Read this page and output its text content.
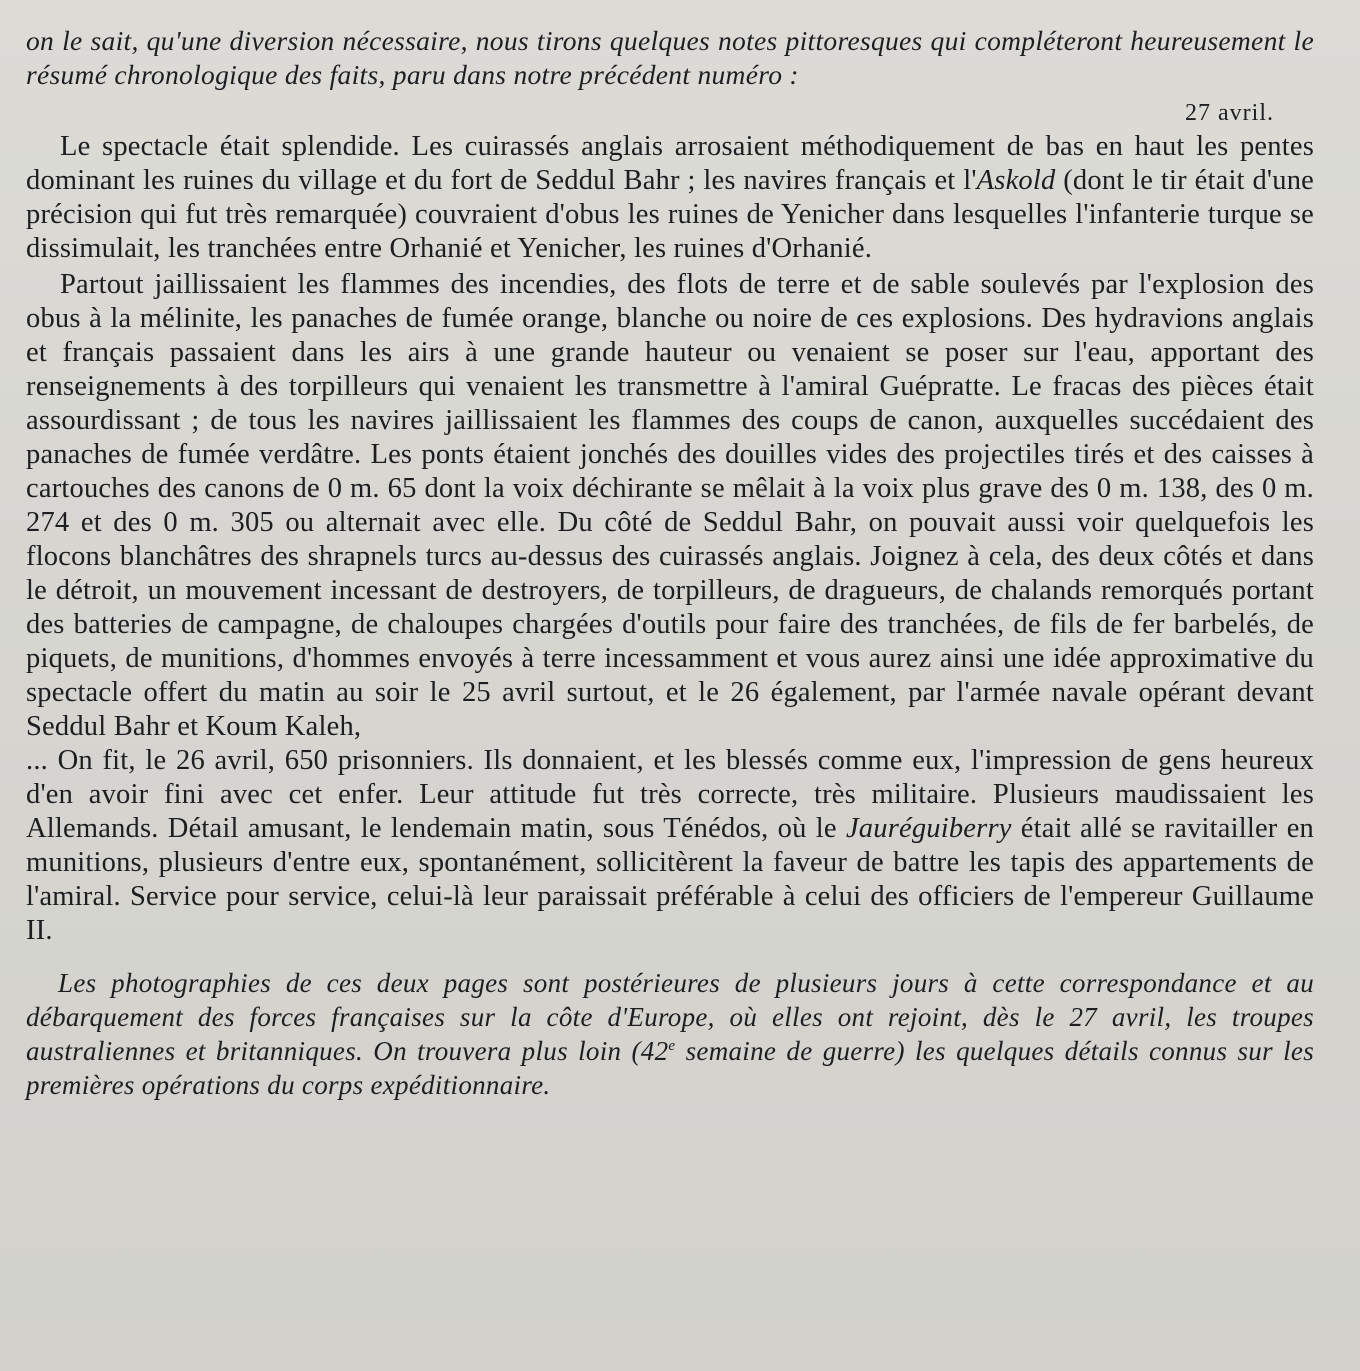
on le sait, qu'une diversion nécessaire, nous tirons quelques notes pittoresques qui compléteront heureusement le résumé chronologique des faits, paru dans notre précédent numéro :

27 avril.

Le spectacle était splendide. Les cuirassés anglais arrosaient méthodiquement de bas en haut les pentes dominant les ruines du village et du fort de Seddul Bahr ; les navires français et l'Askold (dont le tir était d'une précision qui fut très remarquée) couvraient d'obus les ruines de Yenicher dans lesquelles l'infanterie turque se dissimulait, les tranchées entre Orhanié et Yenicher, les ruines d'Orhanié.

Partout jaillissaient les flammes des incendies, des flots de terre et de sable soulevés par l'explosion des obus à la mélinite, les panaches de fumée orange, blanche ou noire de ces explosions. Des hydravions anglais et français passaient dans les airs à une grande hauteur ou venaient se poser sur l'eau, apportant des renseignements à des torpilleurs qui venaient les transmettre à l'amiral Guépratte. Le fracas des pièces était assourdissant ; de tous les navires jaillissaient les flammes des coups de canon, auxquelles succédaient des panaches de fumée verdâtre. Les ponts étaient jonchés des douilles vides des projectiles tirés et des caisses à cartouches des canons de 0 m. 65 dont la voix déchirante se mêlait à la voix plus grave des 0 m. 138, des 0 m. 274 et des 0 m. 305 ou alternait avec elle. Du côté de Seddul Bahr, on pouvait aussi voir quelquefois les flocons blanchâtres des shrapnels turcs au-dessus des cuirassés anglais. Joignez à cela, des deux côtés et dans le détroit, un mouvement incessant de destroyers, de torpilleurs, de dragueurs, de chalands remorqués portant des batteries de campagne, de chaloupes chargées d'outils pour faire des tranchées, de fils de fer barbelés, de piquets, de munitions, d'hommes envoyés à terre incessamment et vous aurez ainsi une idée approximative du spectacle offert du matin au soir le 25 avril surtout, et le 26 également, par l'armée navale opérant devant Seddul Bahr et Koum Kaleh,

... On fit, le 26 avril, 650 prisonniers. Ils donnaient, et les blessés comme eux, l'impression de gens heureux d'en avoir fini avec cet enfer. Leur attitude fut très correcte, très militaire. Plusieurs maudissaient les Allemands. Détail amusant, le lendemain matin, sous Ténédos, où le Jauréguiberry était allé se ravitailler en munitions, plusieurs d'entre eux, spontanément, sollicitèrent la faveur de battre les tapis des appartements de l'amiral. Service pour service, celui-là leur paraissait préférable à celui des officiers de l'empereur Guillaume II.

Les photographies de ces deux pages sont postérieures de plusieurs jours à cette correspondance et au débarquement des forces françaises sur la côte d'Europe, où elles ont rejoint, dès le 27 avril, les troupes australiennes et britanniques. On trouvera plus loin (42e semaine de guerre) les quelques détails connus sur les premières opérations du corps expéditionnaire.
